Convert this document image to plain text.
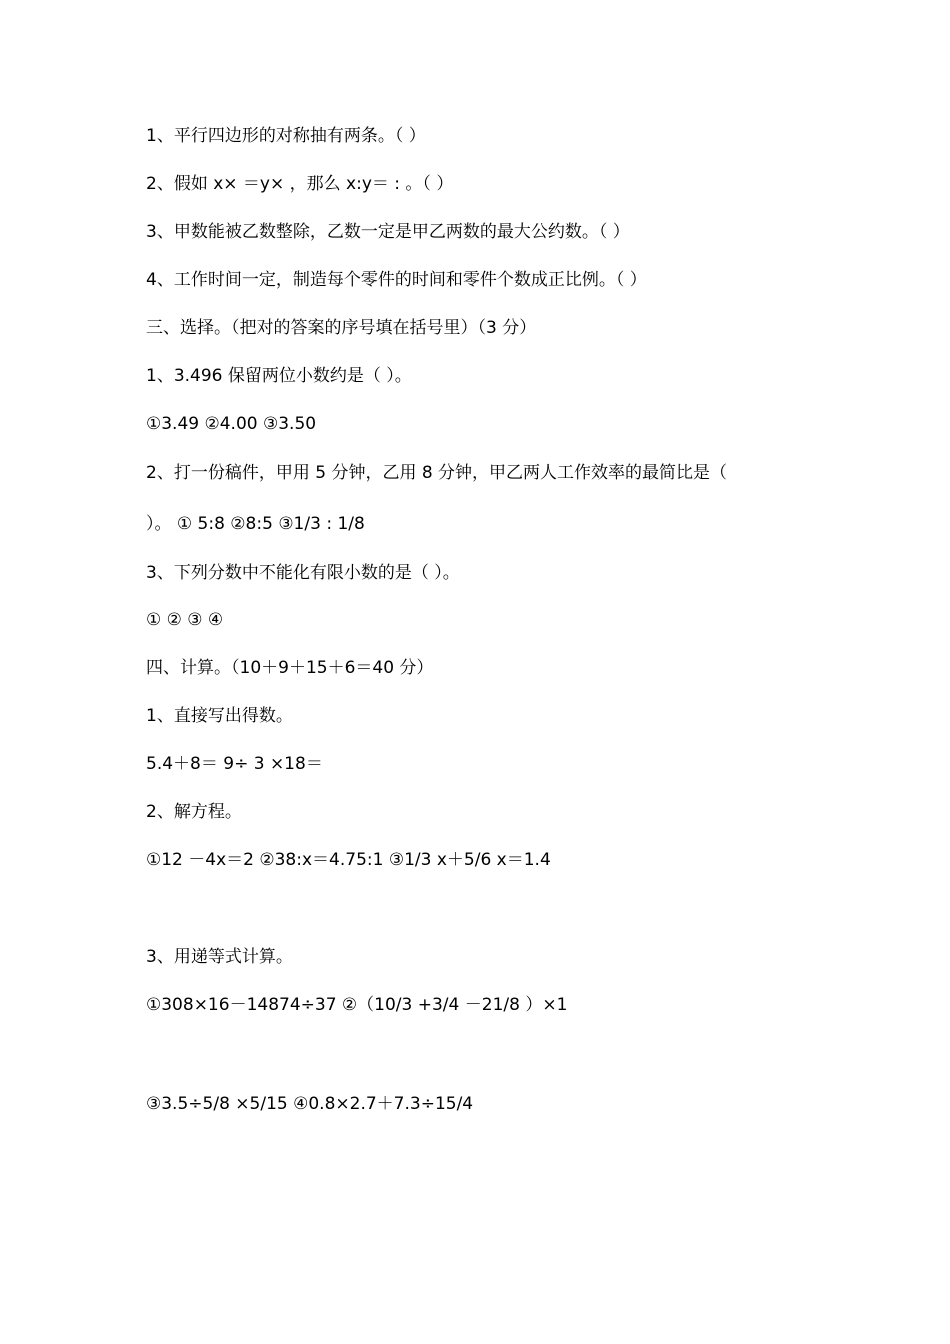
1、平行四边形的对称抽有两条。（ ）
2、假如 x× ＝y× ，那么 x:y＝ : 。（ ）
3、甲数能被乙数整除，乙数一定是甲乙两数的最大公约数。（ ）
4、工作时间一定，制造每个零件的时间和零件个数成正比例。（ ）
三、选择。（把对的答案的序号填在括号里）（3 分）
1、3.496 保留两位小数约是（ ）。
①3.49 ②4.00 ③3.50
2、打一份稿件，甲用 5 分钟，乙用 8 分钟，甲乙两人工作效率的最简比是（
）。 ① 5:8 ②8:5 ③1/3 : 1/8
3、下列分数中不能化有限小数的是（ ）。
① ② ③ ④
四、计算。（10＋9＋15＋6＝40 分）
1、直接写出得数。
5.4＋8＝ 9÷ 3 ×18＝
2、解方程。
①12 －4x＝2 ②38:x＝4.75:1 ③1/3 x＋5/6 x＝1.4
3、用递等式计算。
①308×16－14874÷37 ②（10/3 +3/4 －21/8 ）×1
③3.5÷5/8 ×5/15 ④0.8×2.7＋7.3÷15/4
